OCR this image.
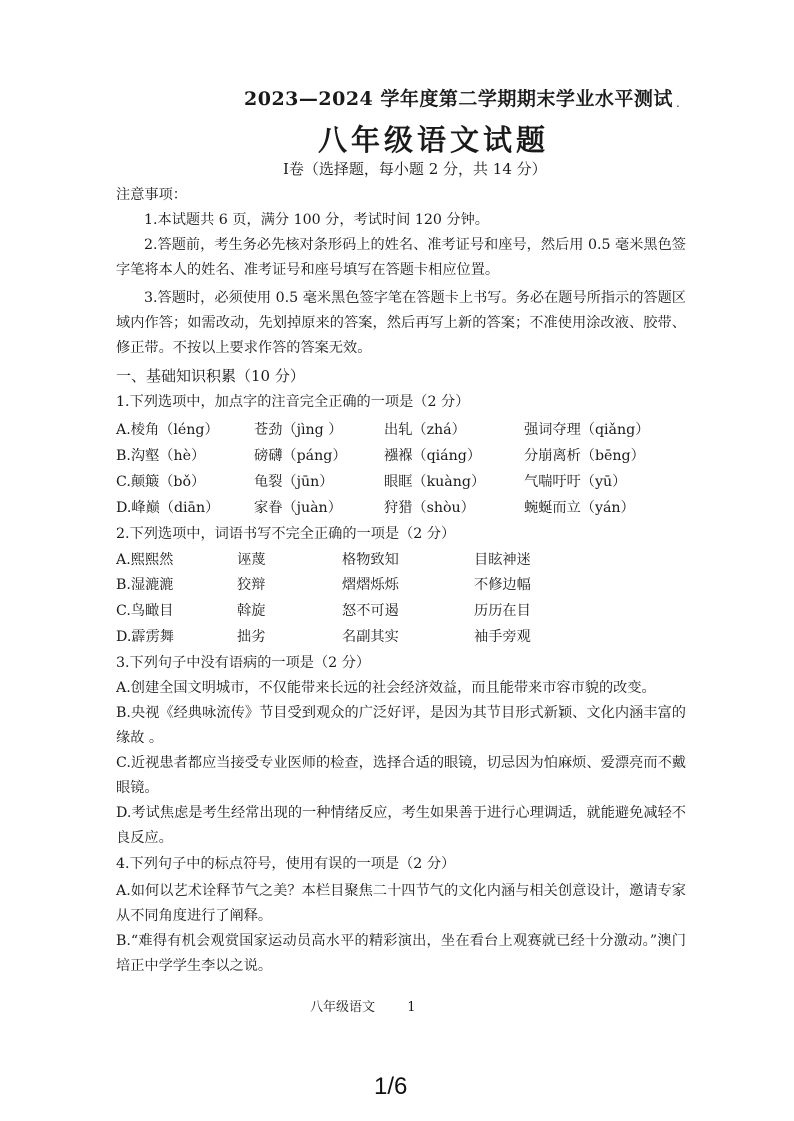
2023—2024 学年度第二学期期末学业水平测试 .
八年级语文试题
Ⅰ卷（选择题，每小题 2 分，共 14 分）
注意事项：
1.本试题共 6 页，满分 100 分，考试时间 120 分钟。
2.答题前，考生务必先核对条形码上的姓名、准考证号和座号，然后用 0.5 毫米黑色签字笔将本人的姓名、准考证号和座号填写在答题卡相应位置。
3.答题时，必须使用 0.5 毫米黑色签字笔在答题卡上书写。务必在题号所指示的答题区域内作答；如需改动，先划掉原来的答案，然后再写上新的答案；不准使用涂改液、胶带、修正带。不按以上要求作答的答案无效。
一、基础知识积累（10 分）
1.下列选项中，加点字的注音完全正确的一项是（2 分）
A.棱角（léng） 苍劲（jìng ）	出轧（zhá）	强词夺理（qiǎng）
B.沟壑（hè）	磅礴（páng）	襁褓（qiáng）	分崩离析（bēng）
C.颠簸（bǒ）	龟裂（jūn）	眼眶（kuàng）	气喘吁吁（yū）
D.峰巅（diān） 家眷（juàn）	狩猎（shòu）	蜿蜒而立（yán）
2.下列选项中，词语书写不完全正确的一项是（2 分）
A.熙熙然	诬蔑	格物致知	目眩神迷
B.湿漉漉	狡辩	熠熠烁烁	不修边幅
C.鸟瞰目	斡旋	怒不可遏	历历在目
D.霹雳舞	拙劣	名副其实	袖手旁观
3.下列句子中没有语病的一项是（2 分）
A.创建全国文明城市，不仅能带来长远的社会经济效益，而且能带来市容市貌的改变。
B.央视《经典咏流传》节目受到观众的广泛好评，是因为其节目形式新颖、文化内涵丰富的缘故 。
C.近视患者都应当接受专业医师的检查，选择合适的眼镜，切忌因为怕麻烦、爱漂亮而不戴眼镜。
D.考试焦虑是考生经常出现的一种情绪反应，考生如果善于进行心理调适，就能避免减轻不良反应。
4.下列句子中的标点符号，使用有误的一项是（2 分）
A.如何以艺术诠释节气之美？本栏目聚焦二十四节气的文化内涵与相关创意设计，邀请专家从不同角度进行了阐释。
B.“难得有机会观赏国家运动员高水平的精彩演出，坐在看台上观赛就已经十分激动。”澳门培正中学学生李以之说。
八年级语文 1
1/6
